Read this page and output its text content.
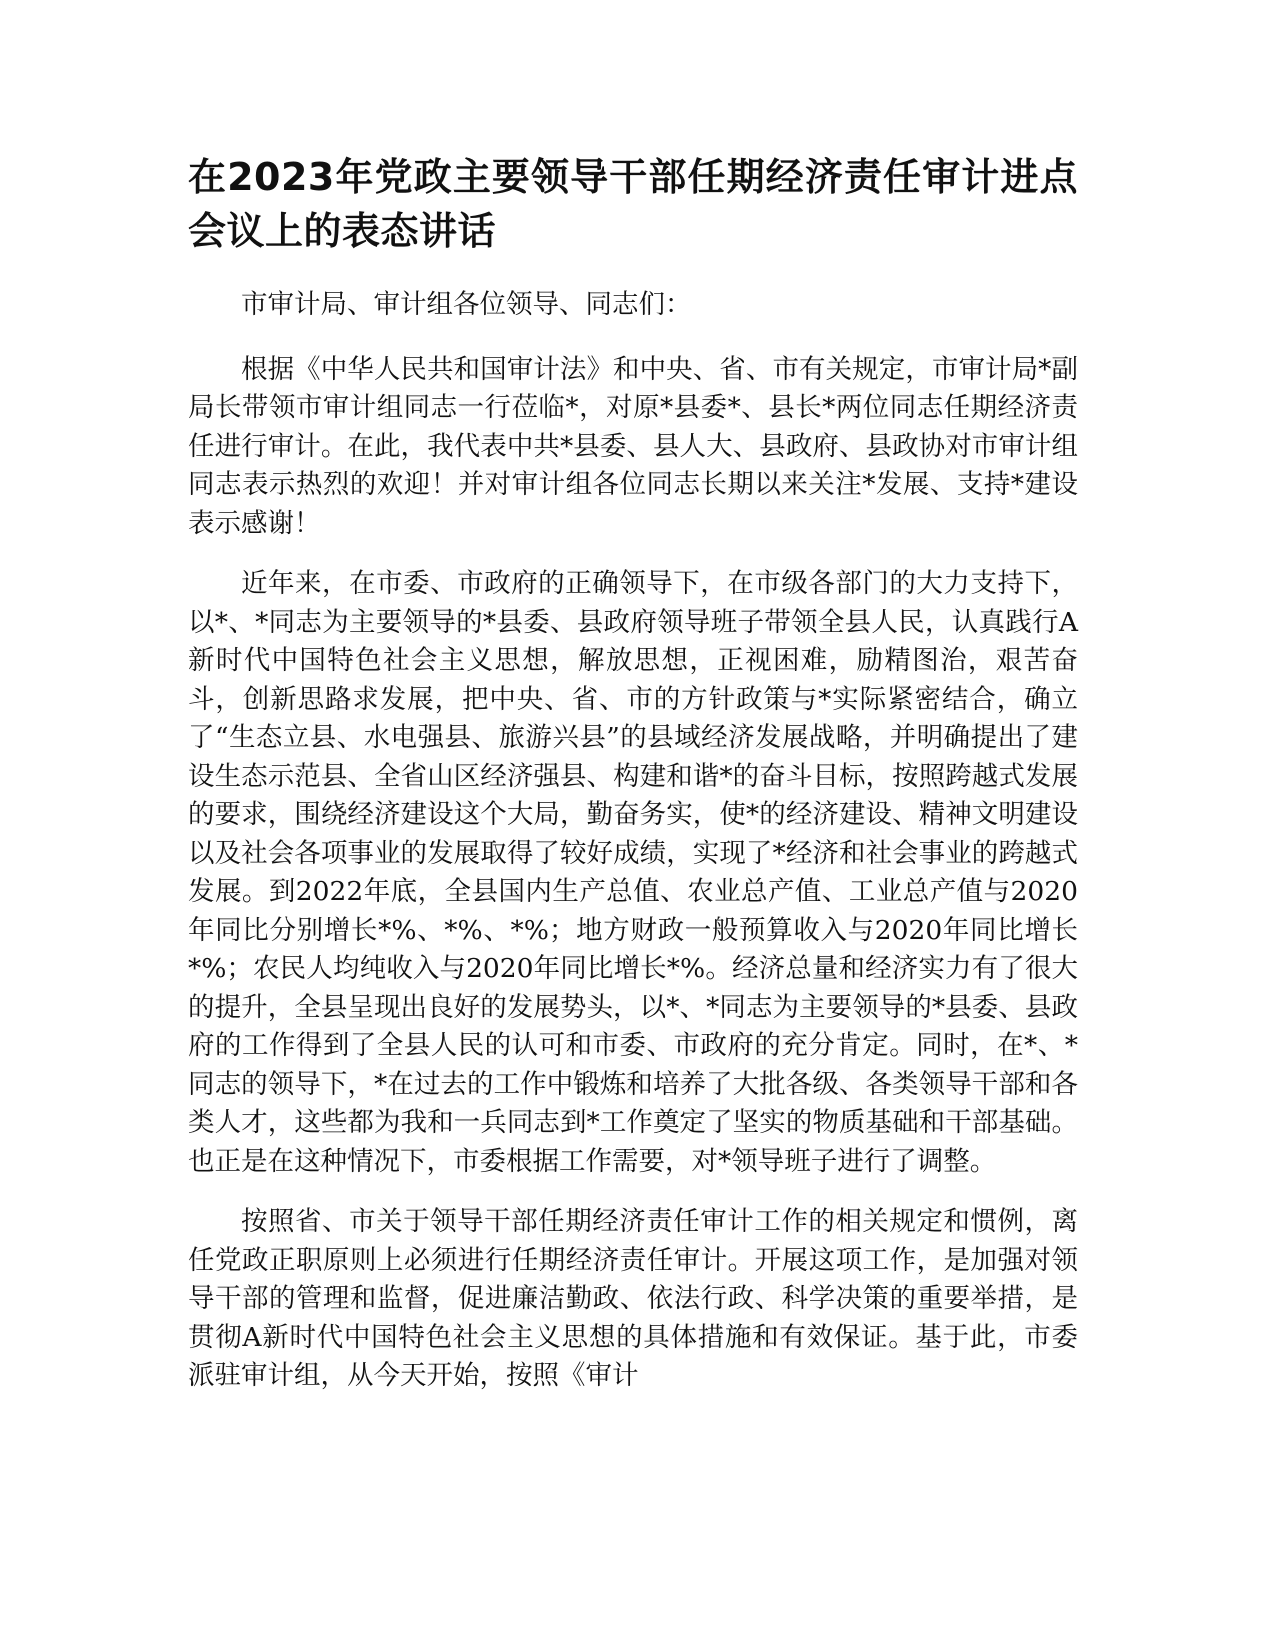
在2023年党政主要领导干部任期经济责任审计进点会议上的表态讲话

市审计局、审计组各位领导、同志们：

根据《中华人民共和国审计法》和中央、省、市有关规定，市审计局*副局长带领市审计组同志一行莅临*，对原*县委*、县长*两位同志任期经济责任进行审计。在此，我代表中共*县委、县人大、县政府、县政协对市审计组同志表示热烈的欢迎！并对审计组各位同志长期以来关注*发展、支持*建设表示感谢！

近年来，在市委、市政府的正确领导下，在市级各部门的大力支持下，以*、*同志为主要领导的*县委、县政府领导班子带领全县人民，认真践行A新时代中国特色社会主义思想，解放思想，正视困难，励精图治，艰苦奋斗，创新思路求发展，把中央、省、市的方针政策与*实际紧密结合，确立了“生态立县、水电强县、旅游兴县”的县域经济发展战略，并明确提出了建设生态示范县、全省山区经济强县、构建和谐*的奋斗目标，按照跨越式发展的要求，围绕经济建设这个大局，勤奋务实，使*的经济建设、精神文明建设以及社会各项事业的发展取得了较好成绩，实现了*经济和社会事业的跨越式发展。到2022年底，全县国内生产总值、农业总产值、工业总产值与2020年同比分别增长*%、*%、*%；地方财政一般预算收入与2020年同比增长*%；农民人均纯收入与2020年同比增长*%。经济总量和经济实力有了很大的提升，全县呈现出良好的发展势头，以*、*同志为主要领导的*县委、县政府的工作得到了全县人民的认可和市委、市政府的充分肯定。同时，在*、*同志的领导下，*在过去的工作中锻炼和培养了大批各级、各类领导干部和各类人才，这些都为我和一兵同志到*工作奠定了坚实的物质基础和干部基础。也正是在这种情况下，市委根据工作需要，对*领导班子进行了调整。

按照省、市关于领导干部任期经济责任审计工作的相关规定和惯例，离任党政正职原则上必须进行任期经济责任审计。开展这项工作，是加强对领导干部的管理和监督，促进廉洁勤政、依法行政、科学决策的重要举措，是贯彻A新时代中国特色社会主义思想的具体措施和有效保证。基于此，市委派驻审计组，从今天开始，按照《审计
